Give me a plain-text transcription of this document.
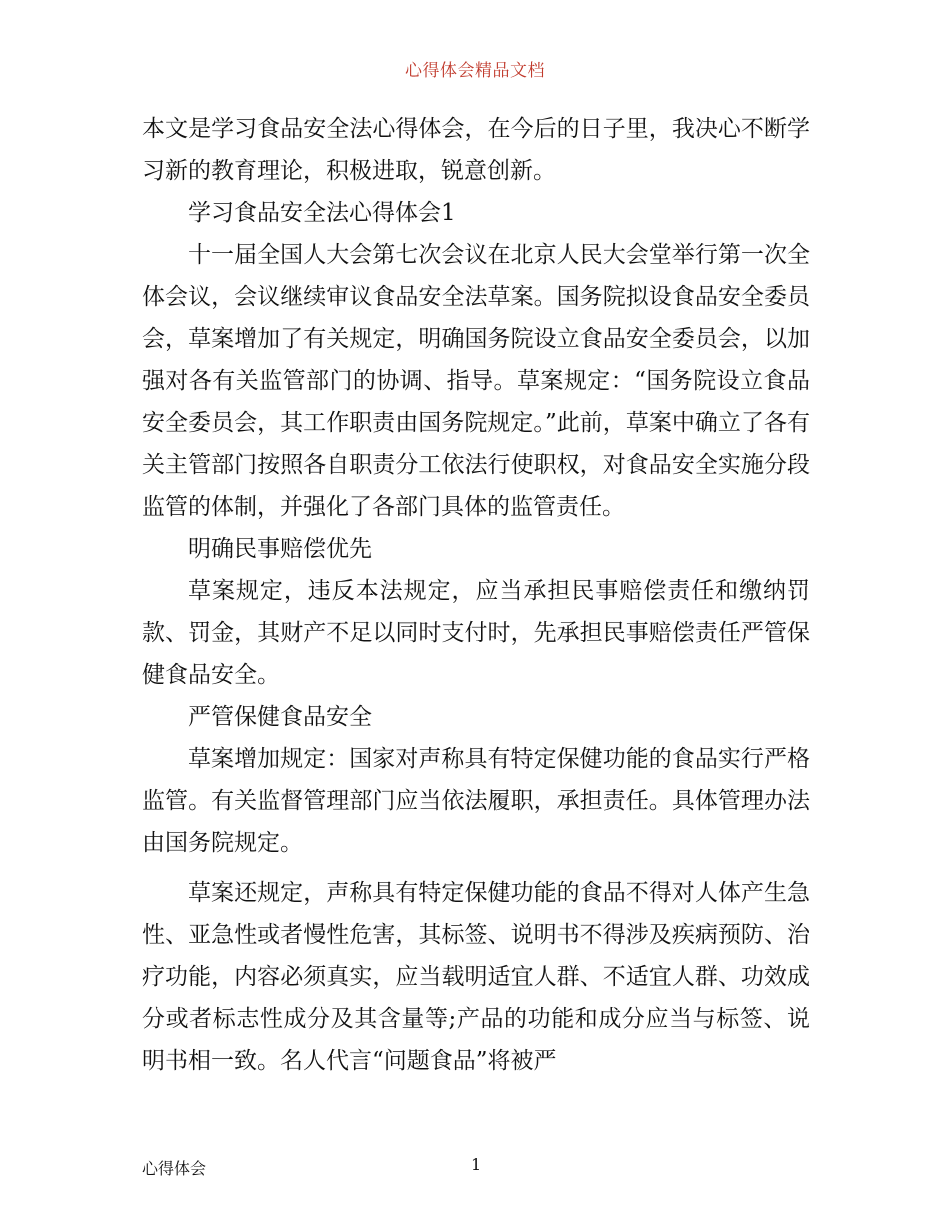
心得体会精品文档

本文是学习食品安全法心得体会，在今后的日子里，我决心不断学习新的教育理论，积极进取，锐意创新。

学习食品安全法心得体会1

十一届全国人大会第七次会议在北京人民大会堂举行第一次全体会议，会议继续审议食品安全法草案。国务院拟设食品安全委员会，草案增加了有关规定，明确国务院设立食品安全委员会，以加强对各有关监管部门的协调、指导。草案规定：“国务院设立食品安全委员会，其工作职责由国务院规定。”此前，草案中确立了各有关主管部门按照各自职责分工依法行使职权，对食品安全实施分段监管的体制，并强化了各部门具体的监管责任。

明确民事赔偿优先

草案规定，违反本法规定，应当承担民事赔偿责任和缴纳罚款、罚金，其财产不足以同时支付时，先承担民事赔偿责任严管保健食品安全。

严管保健食品安全

草案增加规定：国家对声称具有特定保健功能的食品实行严格监管。有关监督管理部门应当依法履职，承担责任。具体管理办法由国务院规定。

草案还规定，声称具有特定保健功能的食品不得对人体产生急性、亚急性或者慢性危害，其标签、说明书不得涉及疾病预防、治疗功能，内容必须真实，应当载明适宜人群、不适宜人群、功效成分或者标志性成分及其含量等;产品的功能和成分应当与标签、说明书相一致。名人代言“问题食品”将被严

心得体会	1
